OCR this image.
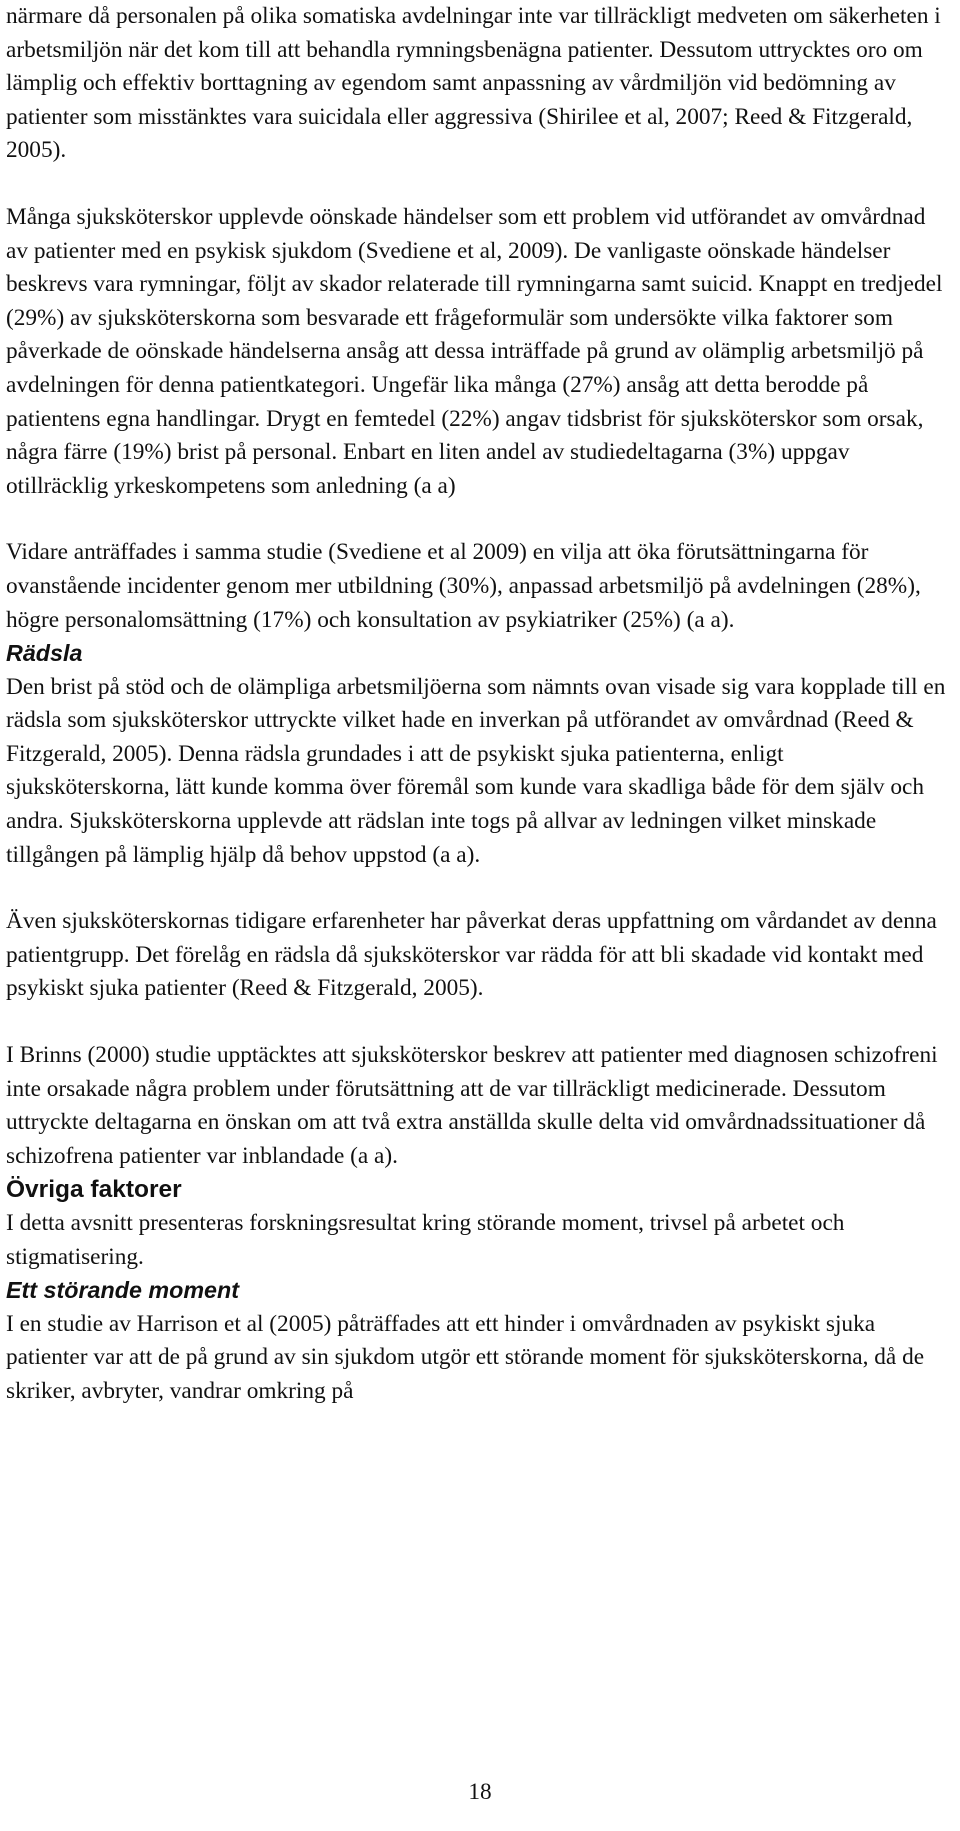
närmare då personalen på olika somatiska avdelningar inte var tillräckligt medveten om säkerheten i arbetsmiljön när det kom till att behandla rymningsbenägna patienter. Dessutom uttrycktes oro om lämplig och effektiv borttagning av egendom samt anpassning av vårdmiljön vid bedömning av patienter som misstänktes vara suicidala eller aggressiva (Shirilee et al, 2007; Reed & Fitzgerald, 2005).

Många sjuksköterskor upplevde oönskade händelser som ett problem vid utförandet av omvårdnad av patienter med en psykisk sjukdom (Svediene et al, 2009). De vanligaste oönskade händelser beskrevs vara rymningar, följt av skador relaterade till rymningarna samt suicid. Knappt en tredjedel (29%) av sjuksköterskorna som besvarade ett frågeformulär som undersökte vilka faktorer som påverkade de oönskade händelserna ansåg att dessa inträffade på grund av olämplig arbetsmiljö på avdelningen för denna patientkategori. Ungefär lika många (27%) ansåg att detta berodde på patientens egna handlingar. Drygt en femtedel (22%) angav tidsbrist för sjuksköterskor som orsak, några färre (19%) brist på personal. Enbart en liten andel av studiedeltagarna (3%) uppgav otillräcklig yrkeskompetens som anledning (a a)

Vidare anträffades i samma studie (Svediene et al 2009) en vilja att öka förutsättningarna för ovanstående incidenter genom mer utbildning (30%), anpassad arbetsmiljö på avdelningen (28%), högre personalomsättning (17%) och konsultation av psykiatriker (25%) (a a).

Rädsla

Den brist på stöd och de olämpliga arbetsmiljöerna som nämnts ovan visade sig vara kopplade till en rädsla som sjuksköterskor uttryckte vilket hade en inverkan på utförandet av omvårdnad (Reed & Fitzgerald, 2005). Denna rädsla grundades i att de psykiskt sjuka patienterna, enligt sjuksköterskorna, lätt kunde komma över föremål som kunde vara skadliga både för dem själv och andra. Sjuksköterskorna upplevde att rädslan inte togs på allvar av ledningen vilket minskade tillgången på lämplig hjälp då behov uppstod (a a).

Även sjuksköterskornas tidigare erfarenheter har påverkat deras uppfattning om vårdandet av denna patientgrupp. Det förelåg en rädsla då sjuksköterskor var rädda för att bli skadade vid kontakt med psykiskt sjuka patienter (Reed & Fitzgerald, 2005).

I Brinns (2000) studie upptäcktes att sjuksköterskor beskrev att patienter med diagnosen schizofreni inte orsakade några problem under förutsättning att de var tillräckligt medicinerade. Dessutom uttryckte deltagarna en önskan om att två extra anställda skulle delta vid omvårdnadssituationer då schizofrena patienter var inblandade (a a).

Övriga faktorer

I detta avsnitt presenteras forskningsresultat kring störande moment, trivsel på arbetet och stigmatisering.

Ett störande moment

I en studie av Harrison et al (2005) påträffades att ett hinder i omvårdnaden av psykiskt sjuka patienter var att de på grund av sin sjukdom utgör ett störande moment för sjuksköterskorna, då de skriker, avbryter, vandrar omkring på

18
